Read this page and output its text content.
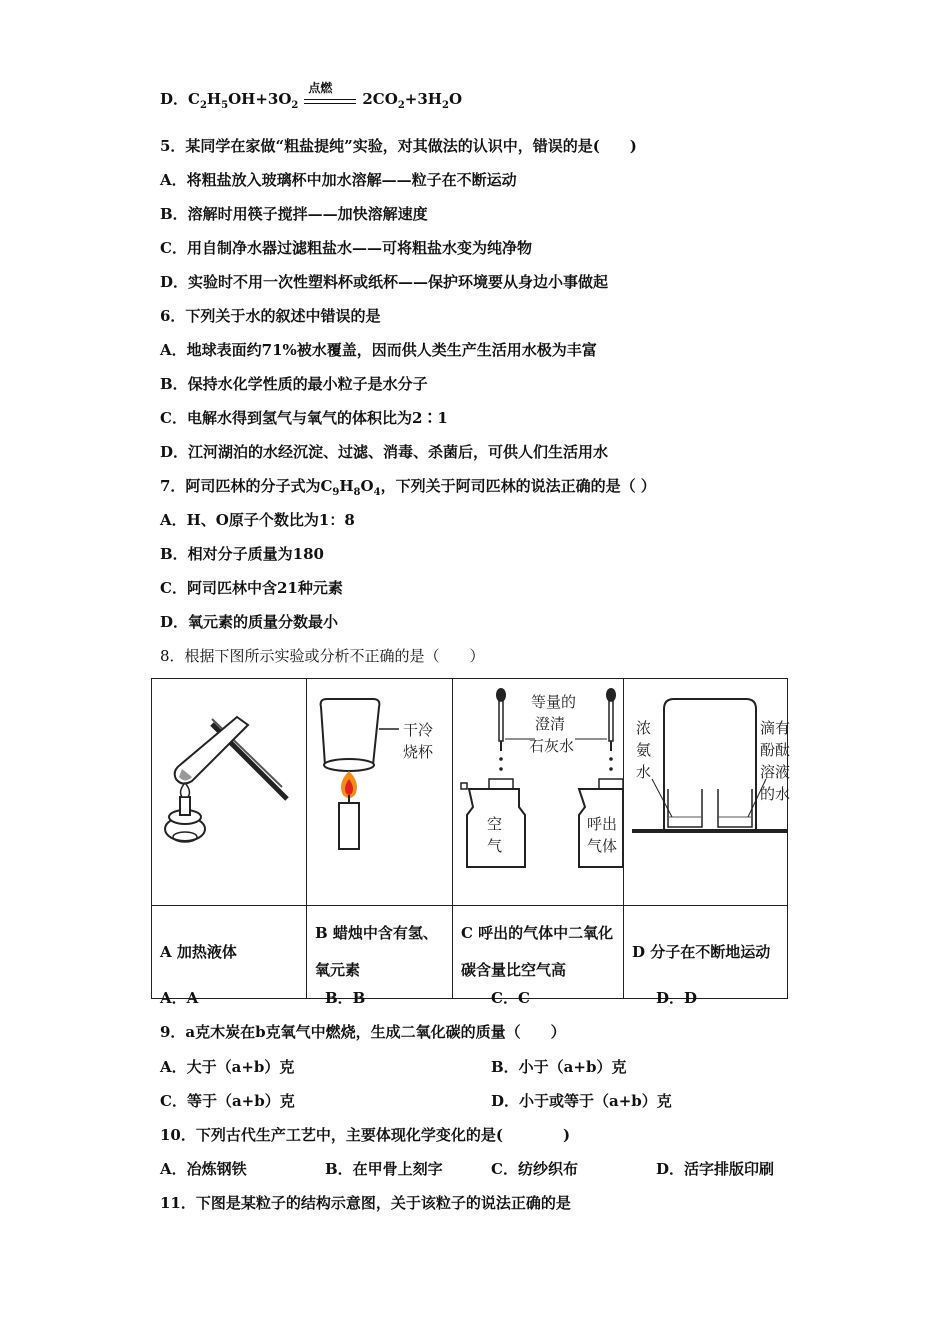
D．$C_2H_5OH+3O_2$
点燃
$2CO_2+3H_2O$
5．某同学在家做“粗盐提纯”实验，对其做法的认识中，错误的是(　　)
A．将粗盐放入玻璃杯中加水溶解——粒子在不断运动
B．溶解时用筷子搅拌——加快溶解速度
C．用自制净水器过滤粗盐水——可将粗盐水变为纯净物
D．实验时不用一次性塑料杯或纸杯——保护环境要从身边小事做起
6．下列关于水的叙述中错误的是
A．地球表面约71%被水覆盖，因而供人类生产生活用水极为丰富
B．保持水化学性质的最小粒子是水分子
C．电解水得到氢气与氧气的体积比为2∶1
D．江河湖泊的水经沉淀、过滤、消毒、杀菌后，可供人们生活用水
7．阿司匹林的分子式为$C_9H_8O_4$，下列关于阿司匹林的说法正确的是（ ）
A．H、O原子个数比为1：8
B．相对分子质量为180
C．阿司匹林中含21种元素
D．氧元素的质量分数最小
8．根据下图所示实验或分析不正确的是（　　）

干冷烧杯	等量的澄清石灰水
空气
呼出气体	浓氨水
滴有酚酞溶液的水

A 加热液体	B 蜡烛中含有氢、氧元素	C 呼出的气体中二氧化碳含量比空气高	D 分子在不断地运动
A．A	B．B	C．C	D．D
9．a克木炭在b克氧气中燃烧，生成二氧化碳的质量（　　）
A．大于（a+b）克	B．小于（a+b）克
C．等于（a+b）克	D．小于或等于（a+b）克
10．下列古代生产工艺中，主要体现化学变化的是(　　　　)
A．冶炼钢铁	B．在甲骨上刻字	C．纺纱织布	D．活字排版印刷
11．下图是某粒子的结构示意图，关于该粒子的说法正确的是
